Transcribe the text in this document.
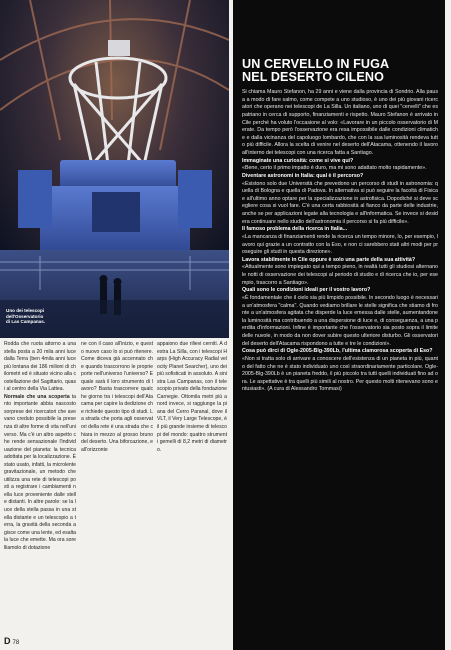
Uno dei telescopi
dell'Osservatorio
di Las Campanas.

Rodda che ruota attorno a una stella posta a 20 mila anni luce dalla Terra (ben 4mila anni luce più lontana dei 186 milioni di chilometri ed è situato vicino alla costellazione del Sagittario, quasi al centro della Via Lattea.

Normale che una scoperta tanto importante abbia nascosto sorprese dei ricercatori che avevano creduto possibile la presenza di altre forme di vita nell'universo. Ma c'è un altro aspetto che rende sensazionale l'individuazione del pianeta: la tecnica adottata per la localizzazione. È stato usato, infatti, la microlente gravitazionale, un metodo che utilizza una rete di telescopi posti a registrare i cambiamenti nella luce proveniente dalle stelle distanti. In altre parole: se la luce della stella passa in una stella distante e un telescopio a terra, la gravità della seconda agisce come una lente, ed esalta la luce che emette. Ma ora sorelliamolo di dotazione

ne con il caso all'inizio, e questo nuovo caso lo si può ritenere. Come diceva già accennato che quando trascorrono le proprie porte nell'universo l'universo? E quale sarà il loro strumento di lavoro? Basta trascorrere qualche giorno tra i telescopi dell'Atacama per capire la dedizione che richiede questo tipo di studi. La strada che porta agli osservatori della rete è una strada che chiara in mezzo al grosso bruno del deserto. Una biforcazione, e all'orizzonte

appaiono due rilievi cerniti. A destra La Silla, con i telescopi Harps (High Accuracy Radial velocity Planet Searcher), uno dei più sofisticati in assoluto. A sinistra Las Campanas, con il telescopio privato della fondazione Carnegie. Ottomila metri più a nord invece, si raggiunge la piana del Cerro Paranal, dove il VLT, il Very Large Telescope, è il più grande insieme di telescopi del mondo: quattro strumenti gemelli di 8,2 metri di diametro.

D 78
UN CERVELLO IN FUGA
NEL DESERTO CILENO

Si chiama Mauro Stefanon, ha 29 anni e viene dalla provincia di Sondrio. Alla pausa a modo di fare salmo, come compete a uno studioso, è uno dei più giovani ricercatori che operano nei telescopi de La Silla. Un italiano, uno di quei "cervelli" che espatriano in cerca di supporto, finanziamenti e rispetto. Mauro Stefanon è arrivato in Cile perché ha voluto l'occasione al volo: «Lavorare in un piccolo osservatorio di Merate. Da tempo però l'osservazione era resa impossibile dalle condizioni climatiche e dalla vicinanza del capoluogo lombardo, che con la sua luminosità rendeva tutto più difficile. Allora la scelta di venire nel deserto dell'Atacama, ottenendo il lavoro all'interno dei telescopi con una ricerca fatta a Santiago.

Immaginate una curiosità: come si vive qui?

«Bene, certo il primo impatto è duro, ma mi sono adattato molto rapidamente».

Diventare astronomi in Italia: qual è il percorso?

«Esistono solo due Università che prevedono un percorso di studi in astronomia: quella di Bologna e quella di Padova. In alternativa si può seguire la facoltà di Fisica e all'ultimo anno optare per la specializzazione in astrofisica. Dopodiché si deve scegliere cosa si vuol fare. C'è una certa rabbiosità al fianco da parte delle industrie, anche se per applicazioni legate alla tecnologia e all'informatica. Se invece si desidera continuare nello studio dell'astronomia il percorso si fa più difficile».

Il famoso problema della ricerca in Italia...

«La mancanza di finanziamenti rende la ricerca un tempo minore, lo, per esempio, lavoro qui grazie a un contratto con la Eso, e non ci sarebbero stati altri modi per proseguire gli studi in questa direzione».

Lavora stabilmente in Cile oppure è solo una parte della sua attività?

«Attualmente sono impiegato qui a tempo pieno, in realtà tutti gli studiosi alternano le notti di osservazione dei telescopi al periodo di studio e di ricerca che io, per esempio, trascorro a Santiago».

Quali sono le condizioni ideali per il vostro lavoro?

«È fondamentale che il cielo sia più limpido possibile. In secondo luogo è necessaria un'atmosfera "calma". Quando vediamo brillare le stelle significa che stiamo di fronte a un'atmosfera agitata che disperde la luce emessa dalle stelle, aumentandone la luminosità ma contribuendo a una dispersione di luce e, di conseguenza, a una perdita d'informazioni. Infine è importante che l'osservatorio sia posto sopra il limite delle nuvole, in modo da non dover subire questo ulteriore disturbo. Gli osservatori del deserto dell'Atacama rispondono a tutte e tre le condizioni».

Cosa può dirci di Ogle-2005-Blg-390Lb, l'ultima clamorosa scoperta di Eso?

«Non si tratta solo di arrivare a conoscere dell'esistenza di un pianeta in più, quanto del fatto che ne è stato individuato uno così straordinariamente particolare. Ogle-2005-Blg-390Lb è un pianeta freddo, il più piccolo tra tutti quelli individuati fino ad ora. Le aspettative è tra quelli più simili al nostro. Per questo molti ritenevano sono entusiasti». (A cura di Alessandro Tommasi)
